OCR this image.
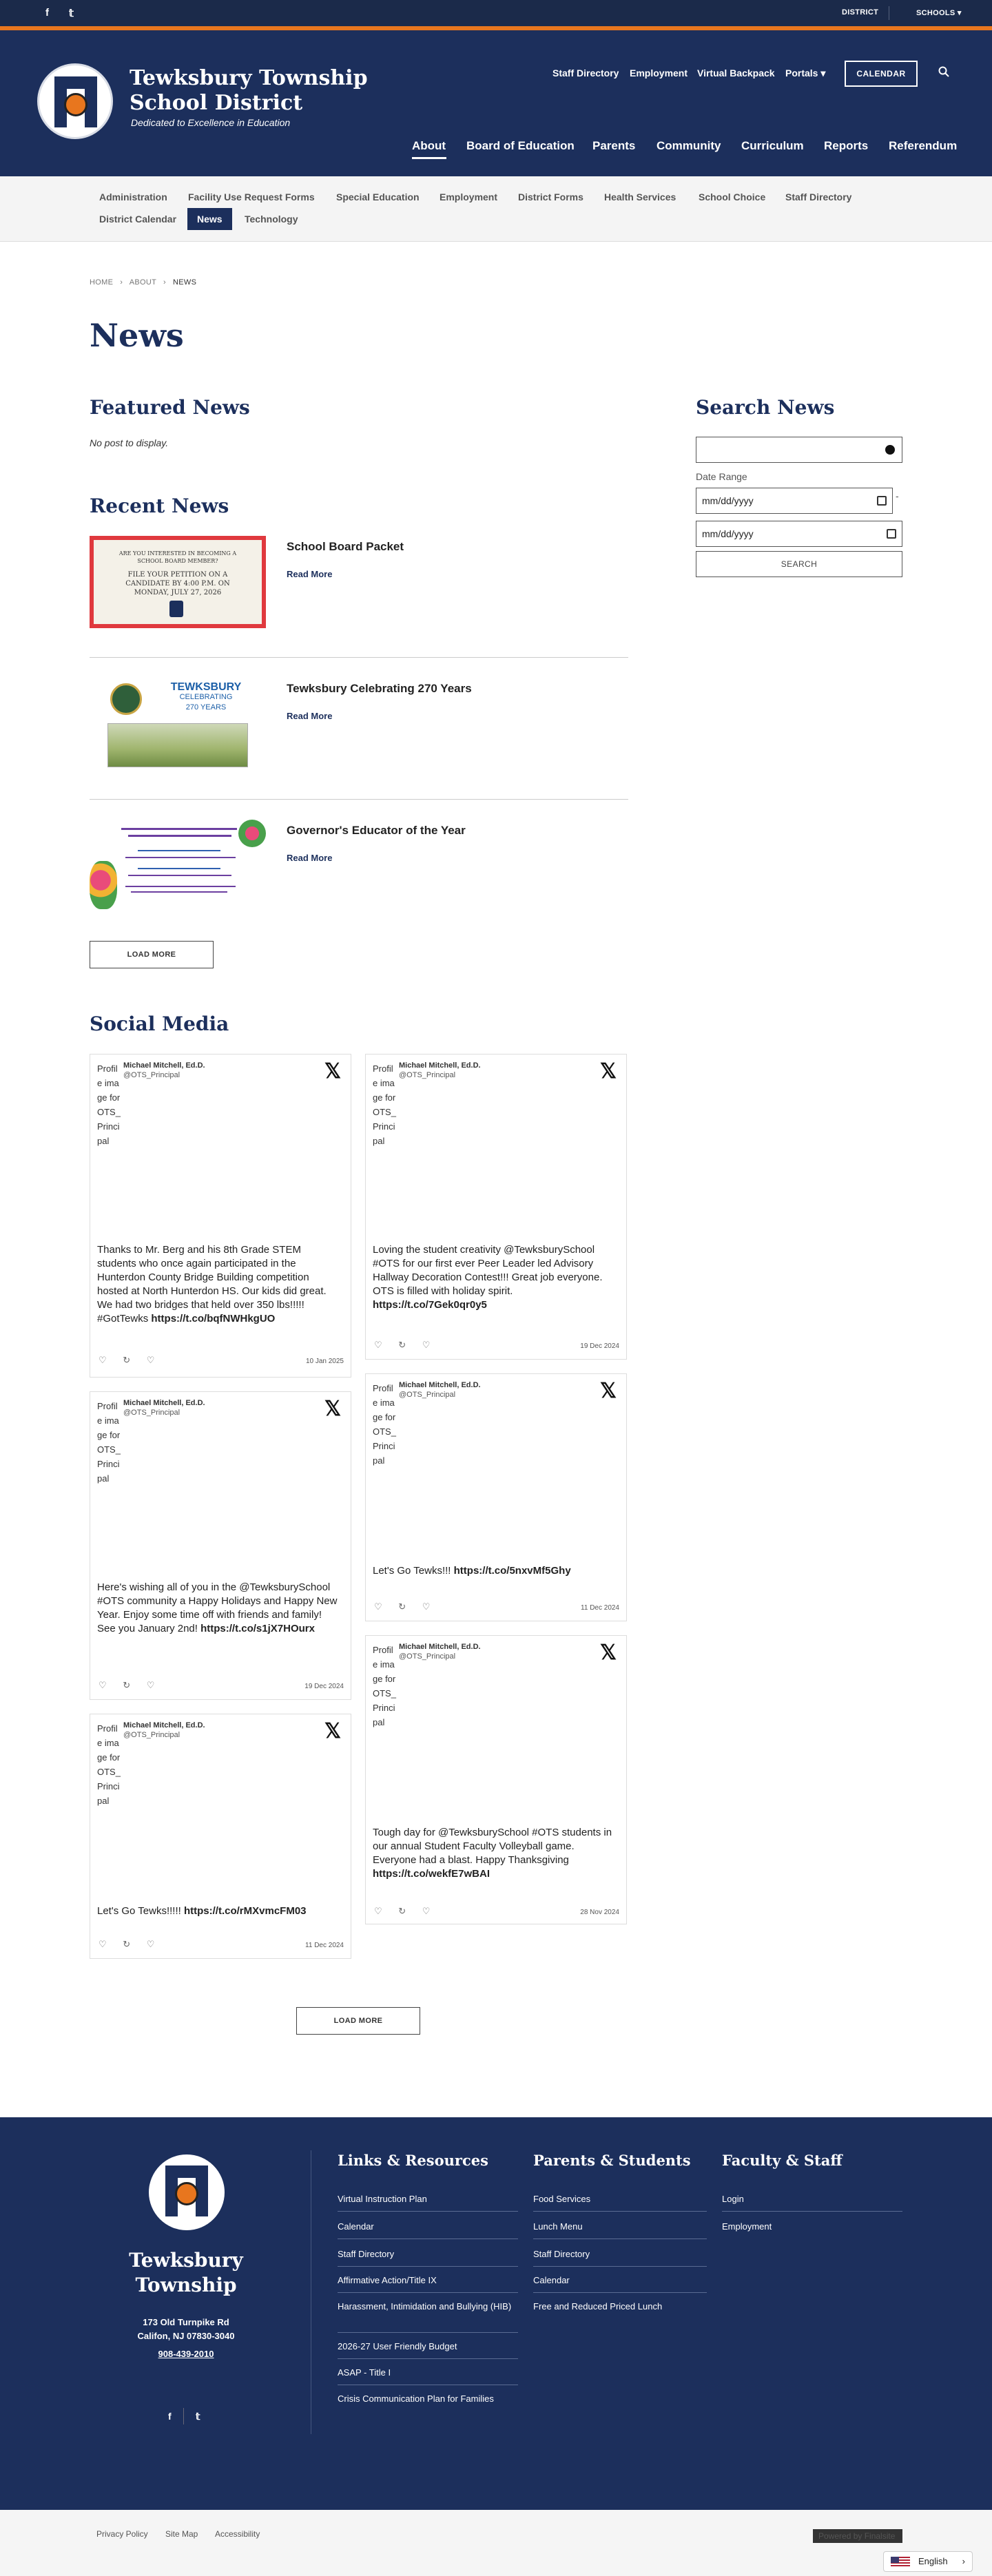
f 𝕥	DISTRICT	SCHOOLS ▾
Tewksbury Township
School District
Dedicated to Excellence in Education
Staff Directory Employment Virtual Backpack Portals ▾	CALENDAR
About Board of Education Parents Community Curriculum Reports Referendum
Administration Facility Use Request Forms Special Education Employment District Forms Health Services School Choice Staff Directory
District Calendar	News	Technology
HOME   ›   ABOUT   ›   NEWS
News
Featured News

No post to display.

Recent News
ARE YOU INTERESTED IN BECOMING A
SCHOOL BOARD MEMBER?
FILE YOUR PETITION ON A
CANDIDATE BY 4:00 P.M. ON
MONDAY, JULY 27, 2026
School Board Packet
Read More
TEWKSBURY
CELEBRATING
270 YEARS
Tewksbury Celebrating 270 Years
Read More
Governor's Educator of the Year
Read More
LOAD MORE
Search News
Date Range
mm/dd/yyyy	-
mm/dd/yyyy
SEARCH
Social Media
Profile image for OTS_Principal
Michael Mitchell, Ed.D.
@OTS_Principal	𝕏
Thanks to Mr. Berg and his 8th Grade STEM students who once again participated in the Hunterdon County Bridge Building competition hosted at North Hunterdon HS. Our kids did great. We had two bridges that held over 350 lbs!!!!! #GotTewks https://t.co/bqfNWHkgUO
♡ ↻ ♡	10 Jan 2025
Profile image for OTS_Principal
Michael Mitchell, Ed.D.
@OTS_Principal	𝕏
Loving the student creativity @TewksburySchool #OTS for our first ever Peer Leader led Advisory Hallway Decoration Contest!!! Great job everyone. OTS is filled with holiday spirit. https://t.co/7Gek0qr0y5
♡ ↻ ♡	19 Dec 2024
Profile image for OTS_Principal
Michael Mitchell, Ed.D.
@OTS_Principal	𝕏
Here's wishing all of you in the @TewksburySchool #OTS community a Happy Holidays and Happy New Year. Enjoy some time off with friends and family! See you January 2nd! https://t.co/s1jX7HOurx
♡ ↻ ♡	19 Dec 2024
Profile image for OTS_Principal
Michael Mitchell, Ed.D.
@OTS_Principal	𝕏
Let's Go Tewks!!! https://t.co/5nxvMf5Ghy
♡ ↻ ♡	11 Dec 2024
Profile image for OTS_Principal
Michael Mitchell, Ed.D.
@OTS_Principal	𝕏
Let's Go Tewks!!!!! https://t.co/rMXvmcFM03
♡ ↻ ♡	11 Dec 2024
Profile image for OTS_Principal
Michael Mitchell, Ed.D.
@OTS_Principal	𝕏
Tough day for @TewksburySchool #OTS students in our annual Student Faculty Volleyball game. Everyone had a blast. Happy Thanksgiving https://t.co/wekfE7wBAI
♡ ↻ ♡	28 Nov 2024
LOAD MORE
Tewksbury
Township
173 Old Turnpike Rd
Califon, NJ 07830-3040
908-439-2010
f	𝕥
Links & Resources
Virtual Instruction Plan
Calendar
Staff Directory
Affirmative Action/Title IX
Harassment, Intimidation and Bullying (HIB)
2026-27 User Friendly Budget
ASAP - Title I
Crisis Communication Plan for Families
Parents & Students
Food Services
Lunch Menu
Staff Directory
Calendar
Free and Reduced Priced Lunch
Faculty & Staff
Login
Employment
Privacy Policy Site Map Accessibility	Powered by Finalsite
English ›
